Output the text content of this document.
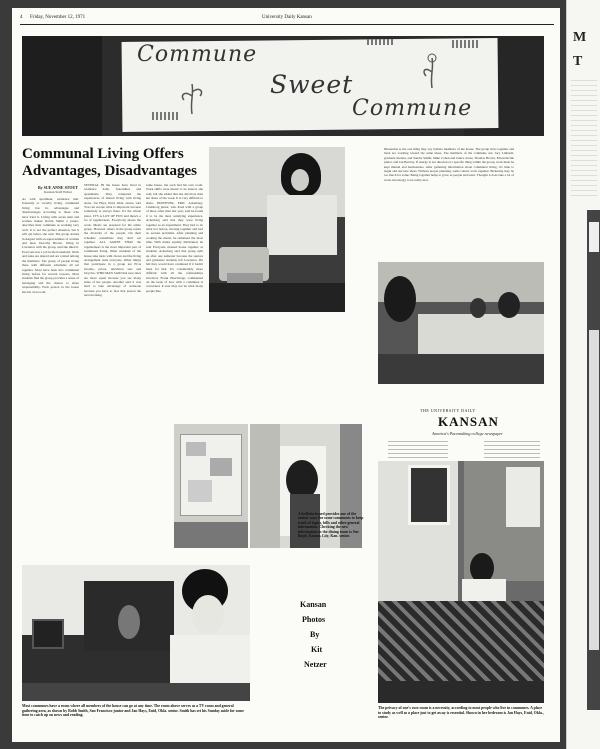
M
T
4 Friday, November 12, 1971	University Daily Kansan
Commune
Sweet
Commune
Communal Living Offers
Advantages, Disadvantages
By SUE ANNE STOUT
Kansan Staff Writer
As with apartment, residence hall, fraternity or sorority living, communal living has its advantages and disadvantages according to those who have tried it. Living with seven men and women makes Robin Smith a junior, describes their commune as working very well. It is not the perfect situation, but it will get better, she said. The group started in August with an equal number of women and men. Dorothy Brown, living in Lawrence with the group, said she liked it. Everyone has a job in the household. Work and tasks are shared and are rotated among the members. The group of people living there with different schedules all eat together. Most have been into communal living before for several reasons. Most students find the group provides a sense of belonging and the chance to share responsibility. Each person in the house has his own room.
SEVERAL IN the house have lived in residence halls, fraternities and apartments. They compared the experiences of shared living with living alone. Joe Hays, Enid, Okla. senior, said You can escape what is important because somebody is always there. It's the whole place. IT'S A LOT OF FUN and there's a lot of togetherness. Everybody shares the work. Meals are prepared for the entire group. However others in the group rejoin the diversity of the people. On their schedule sometimes they don't eat together. ALL AGREE THAT the togetherness is the most important part of communal living. Other residents of the house take turns with chores and the living arrangement suits everyone. Other things that participate in a group are ECA income, prices, television sets and bicycles. WHO MAN SAID that new rules are more equal because you see many sides of the people. Another said it was hard to take advantage of someone because you have to face that person the next morning.
same house, but each had his own room. Work shifts were meant to be shared, she said, but she added that she did more than her share of the work. It is very difficult to share. HOWEVER, ERIC Ackerberg, Lindsborg junior, who lived with a group of three other men last year, said he found it to be the most satisfying experience. Ackerberg said that they were living together as an experiment. They had to do what not before, moving together and had no serious problems. After planning and cooking the meals, he remained the most time. With duties equally distributed, he said Everyone cleaned house together as students. Ackerberg said that group split up after one semester because the seniors and graduates students left Lawrence. He felt they would have continued if it hadn't been for that. It's considerably more difficult with all the relationships involved, Frank Beechwags commented on the issue of how with a commune is concerned. It sure may not be what many people like.
Dissention is the one thing they say bothers members of the house. The group lives together and most are working toward the same ideas. The members of the commune are: Jory Linhardt, graduate student, and Sandra Smith; Mike Cohen and Janice Jones; Thomas Brown, Edwardsville junior, and Jan Barclay. If energy is not directed at a specific thing within the group, work must be kept mutual and harmonious. After gathering information about communal living, it's time to begin and use new ideas. Without proper planning, some cannot work together. Bickering may be too much for some. Being together helps to grow as people and learn. Thought it does take a lot of work and energy to be really nice.
THE UNIVERSITY DAILY
KANSAN
America's Pacemaking college newspaper
A bulletin board provides one of the easiest ways for some communes to keep track of topics, bills and other general information. Checking the new information in the dining room is Sue Boyle, Kansas City, Kan. senior.
Kansan
Photos
By
Kit
Netzer
Most communes have a room where all members of the house can go at any time. The room above serves as a TV room and general gathering area, as shown by Robb Smith, San Francisco junior and Jan Hays, Enid, Okla. senior. Smith has set his Sunday aside for some time to catch up on news and reading.
The privacy of one's own room is a necessity, according to most people who live in communes. A place to study as well as a place just to get away is essential. Shown in her bedroom is Jan Hays, Enid, Okla., senior.
